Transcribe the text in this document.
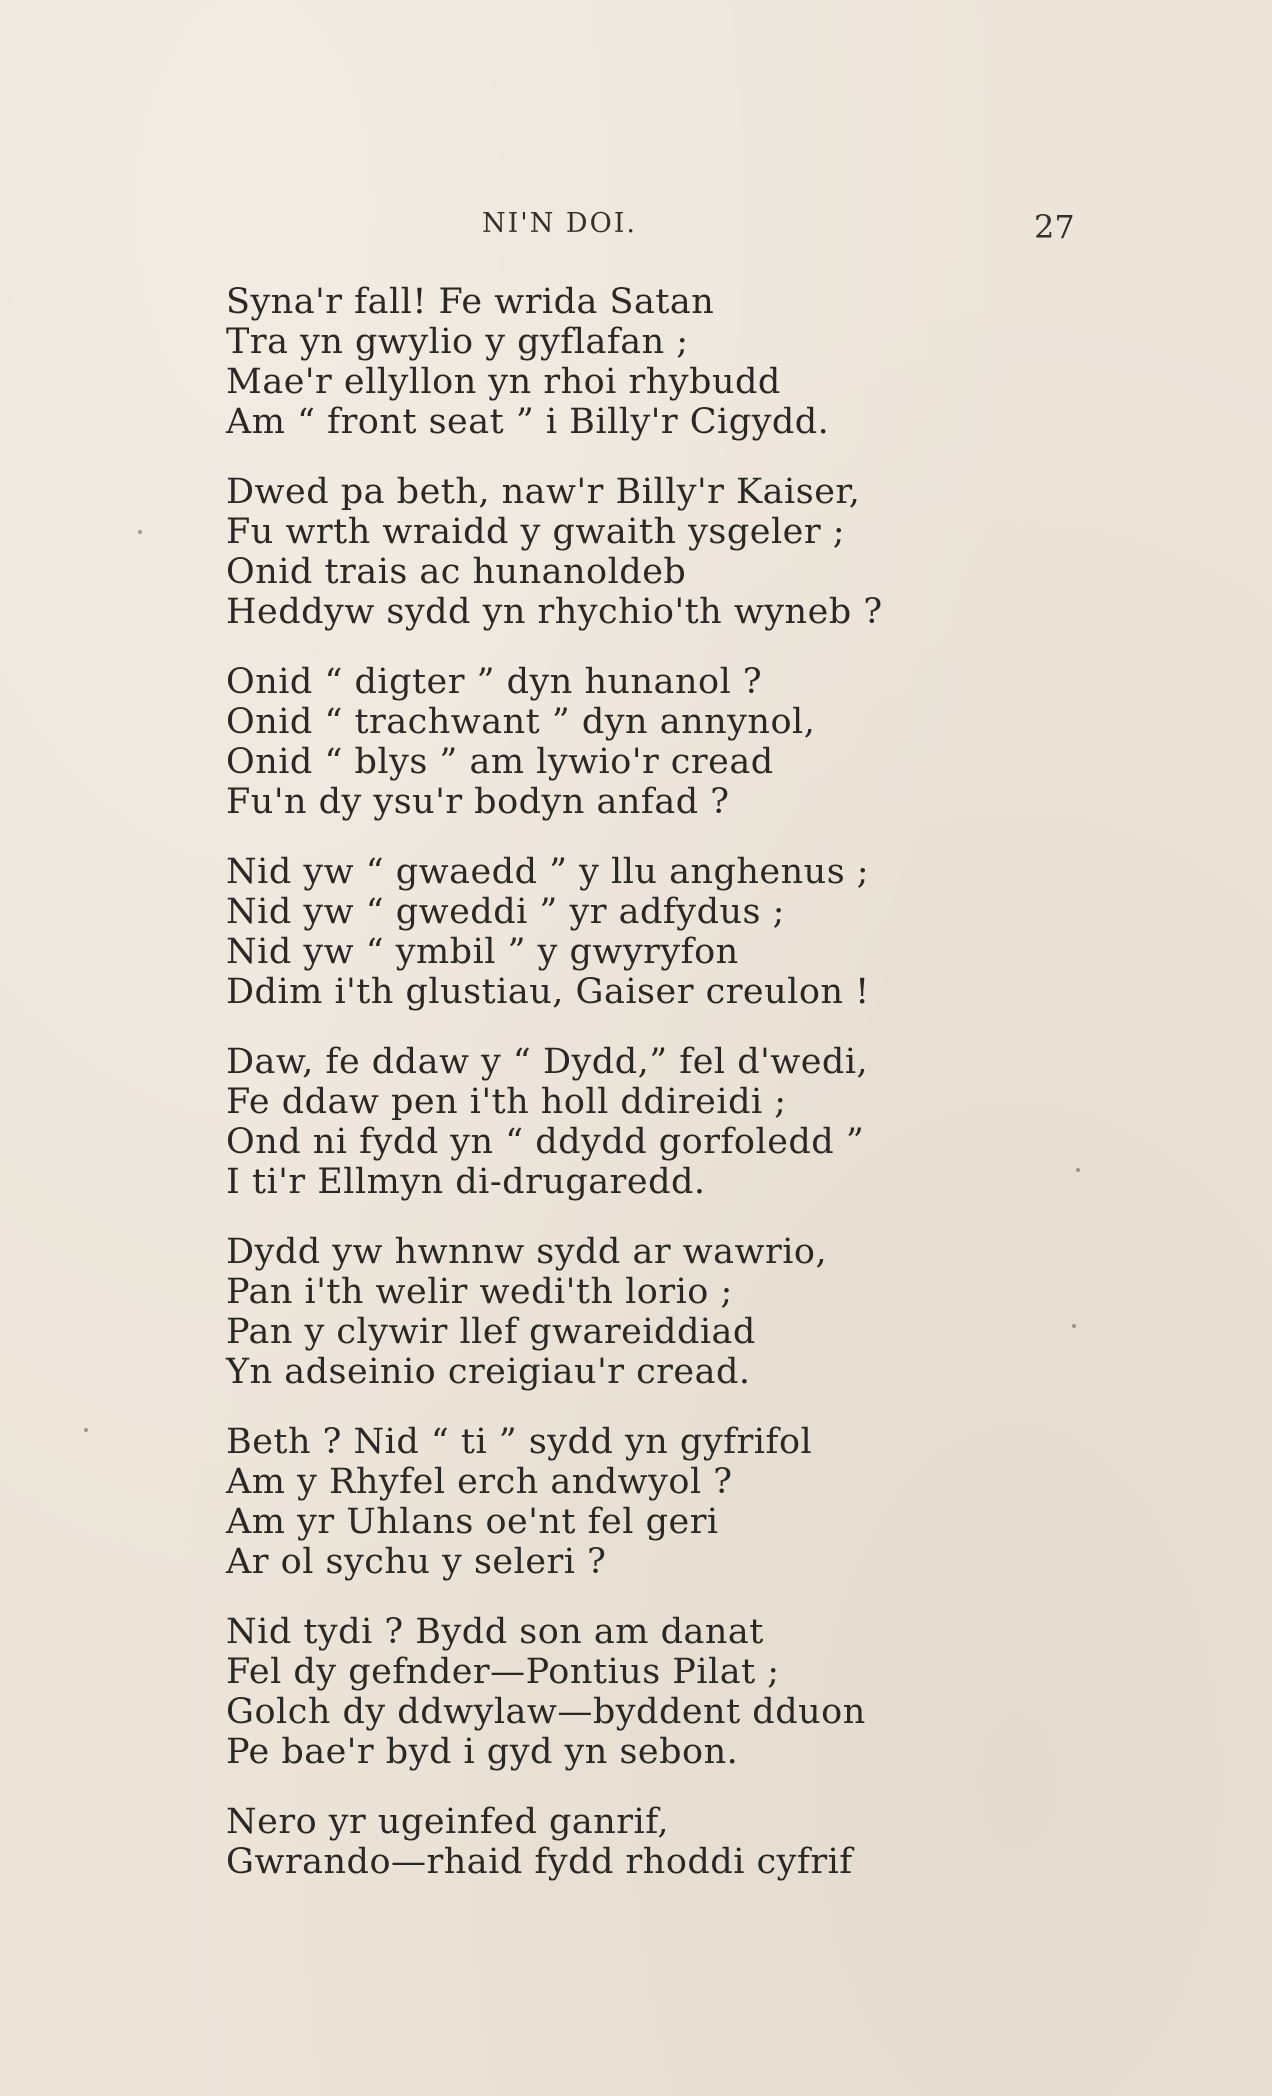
NI'N DOI.	27
Syna'r fall! Fe wrida Satan
Tra yn gwylio y gyflafan ;
Mae'r ellyllon yn rhoi rhybudd
Am “ front seat ” i Billy'r Cigydd.
Dwed pa beth, naw'r Billy'r Kaiser,
Fu wrth wraidd y gwaith ysgeler ;
Onid trais ac hunanoldeb
Heddyw sydd yn rhychio'th wyneb ?
Onid “ digter ” dyn hunanol ?
Onid “ trachwant ” dyn annynol,
Onid “ blys ” am lywio'r cread
Fu'n dy ysu'r bodyn anfad ?
Nid yw “ gwaedd ” y llu anghenus ;
Nid yw “ gweddi ” yr adfydus ;
Nid yw “ ymbil ” y gwyryfon
Ddim i'th glustiau, Gaiser creulon !
Daw, fe ddaw y “ Dydd,” fel d'wedi,
Fe ddaw pen i'th holl ddireidi ;
Ond ni fydd yn “ ddydd gorfoledd ”
I ti'r Ellmyn di-drugaredd.
Dydd yw hwnnw sydd ar wawrio,
Pan i'th welir wedi'th lorio ;
Pan y clywir llef gwareiddiad
Yn adseinio creigiau'r cread.
Beth ? Nid “ ti ” sydd yn gyfrifol
Am y Rhyfel erch andwyol ?
Am yr Uhlans oe'nt fel geri
Ar ol sychu y seleri ?
Nid tydi ? Bydd son am danat
Fel dy gefnder—Pontius Pilat ;
Golch dy ddwylaw—byddent dduon
Pe bae'r byd i gyd yn sebon.
Nero yr ugeinfed ganrif,
Gwrando—rhaid fydd rhoddi cyfrif
